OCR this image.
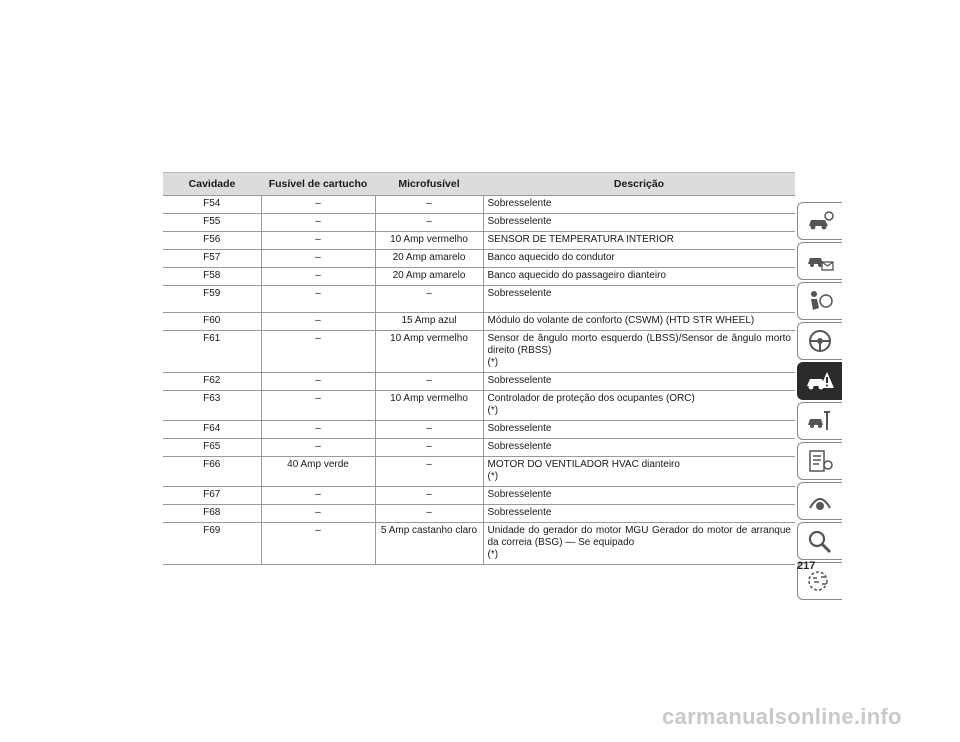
Cavidade	Fusível de cartucho	Microfusível	Descrição
F54	–	–	Sobresselente

F55	–	–	Sobresselente

F56	–	10 Amp vermelho	SENSOR DE TEMPERATURA INTERIOR

F57	–	20 Amp amarelo	Banco aquecido do condutor

F58	–	20 Amp amarelo	Banco aquecido do passageiro dianteiro

F59	–	–	Sobresselente

F60	–	15 Amp azul	Módulo do volante de conforto (CSWM) (HTD STR WHEEL)

F61	–	10 Amp vermelho	Sensor de ângulo morto esquerdo (LBSS)/Sensor de ângulo morto direito (RBSS)
(*)

F62	–	–	Sobresselente

F63	–	10 Amp vermelho	Controlador de proteção dos ocupantes (ORC)
(*)

F64	–	–	Sobresselente

F65	–	–	Sobresselente

F66	40 Amp verde	–	MOTOR DO VENTILADOR HVAC dianteiro
(*)

F67	–	–	Sobresselente

F68	–	–	Sobresselente

F69	–	5 Amp castanho claro	Unidade do gerador do motor MGU Gerador do motor de arranque da correia (BSG) — Se equipado
(*)
217
carmanualsonline.info
